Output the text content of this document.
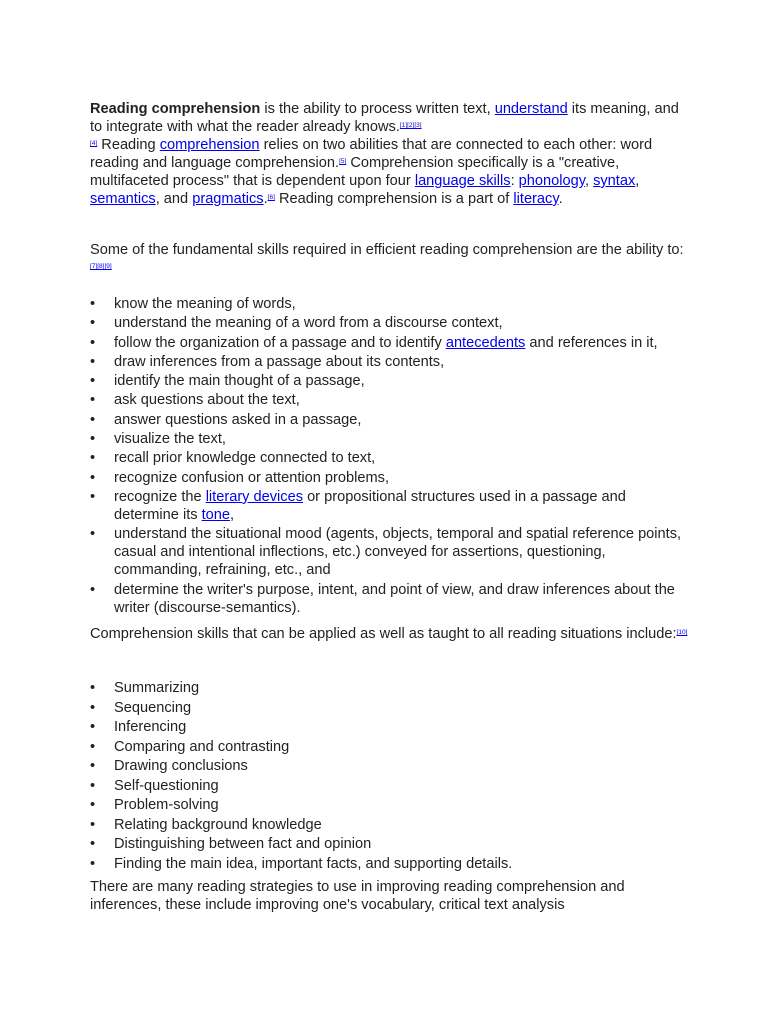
Reading comprehension is the ability to process written text, understand its meaning, and to integrate with what the reader already knows.[1][2][3]
[4] Reading comprehension relies on two abilities that are connected to each other: word reading and language comprehension.[5] Comprehension specifically is a "creative, multifaceted process" that is dependent upon four language skills: phonology, syntax, semantics, and pragmatics.[6] Reading comprehension is a part of literacy.

Some of the fundamental skills required in efficient reading comprehension are the ability to:[7][8][9]

• know the meaning of words,
• understand the meaning of a word from a discourse context,
• follow the organization of a passage and to identify antecedents and references in it,
• draw inferences from a passage about its contents,
• identify the main thought of a passage,
• ask questions about the text,
• answer questions asked in a passage,
• visualize the text,
• recall prior knowledge connected to text,
• recognize confusion or attention problems,
• recognize the literary devices or propositional structures used in a passage and determine its tone,
• understand the situational mood (agents, objects, temporal and spatial reference points, casual and intentional inflections, etc.) conveyed for assertions, questioning, commanding, refraining, etc., and
• determine the writer's purpose, intent, and point of view, and draw inferences about the writer (discourse-semantics).

Comprehension skills that can be applied as well as taught to all reading situations include:[10]

• Summarizing
• Sequencing
• Inferencing
• Comparing and contrasting
• Drawing conclusions
• Self-questioning
• Problem-solving
• Relating background knowledge
• Distinguishing between fact and opinion
• Finding the main idea, important facts, and supporting details.

There are many reading strategies to use in improving reading comprehension and inferences, these include improving one's vocabulary, critical text analysis
